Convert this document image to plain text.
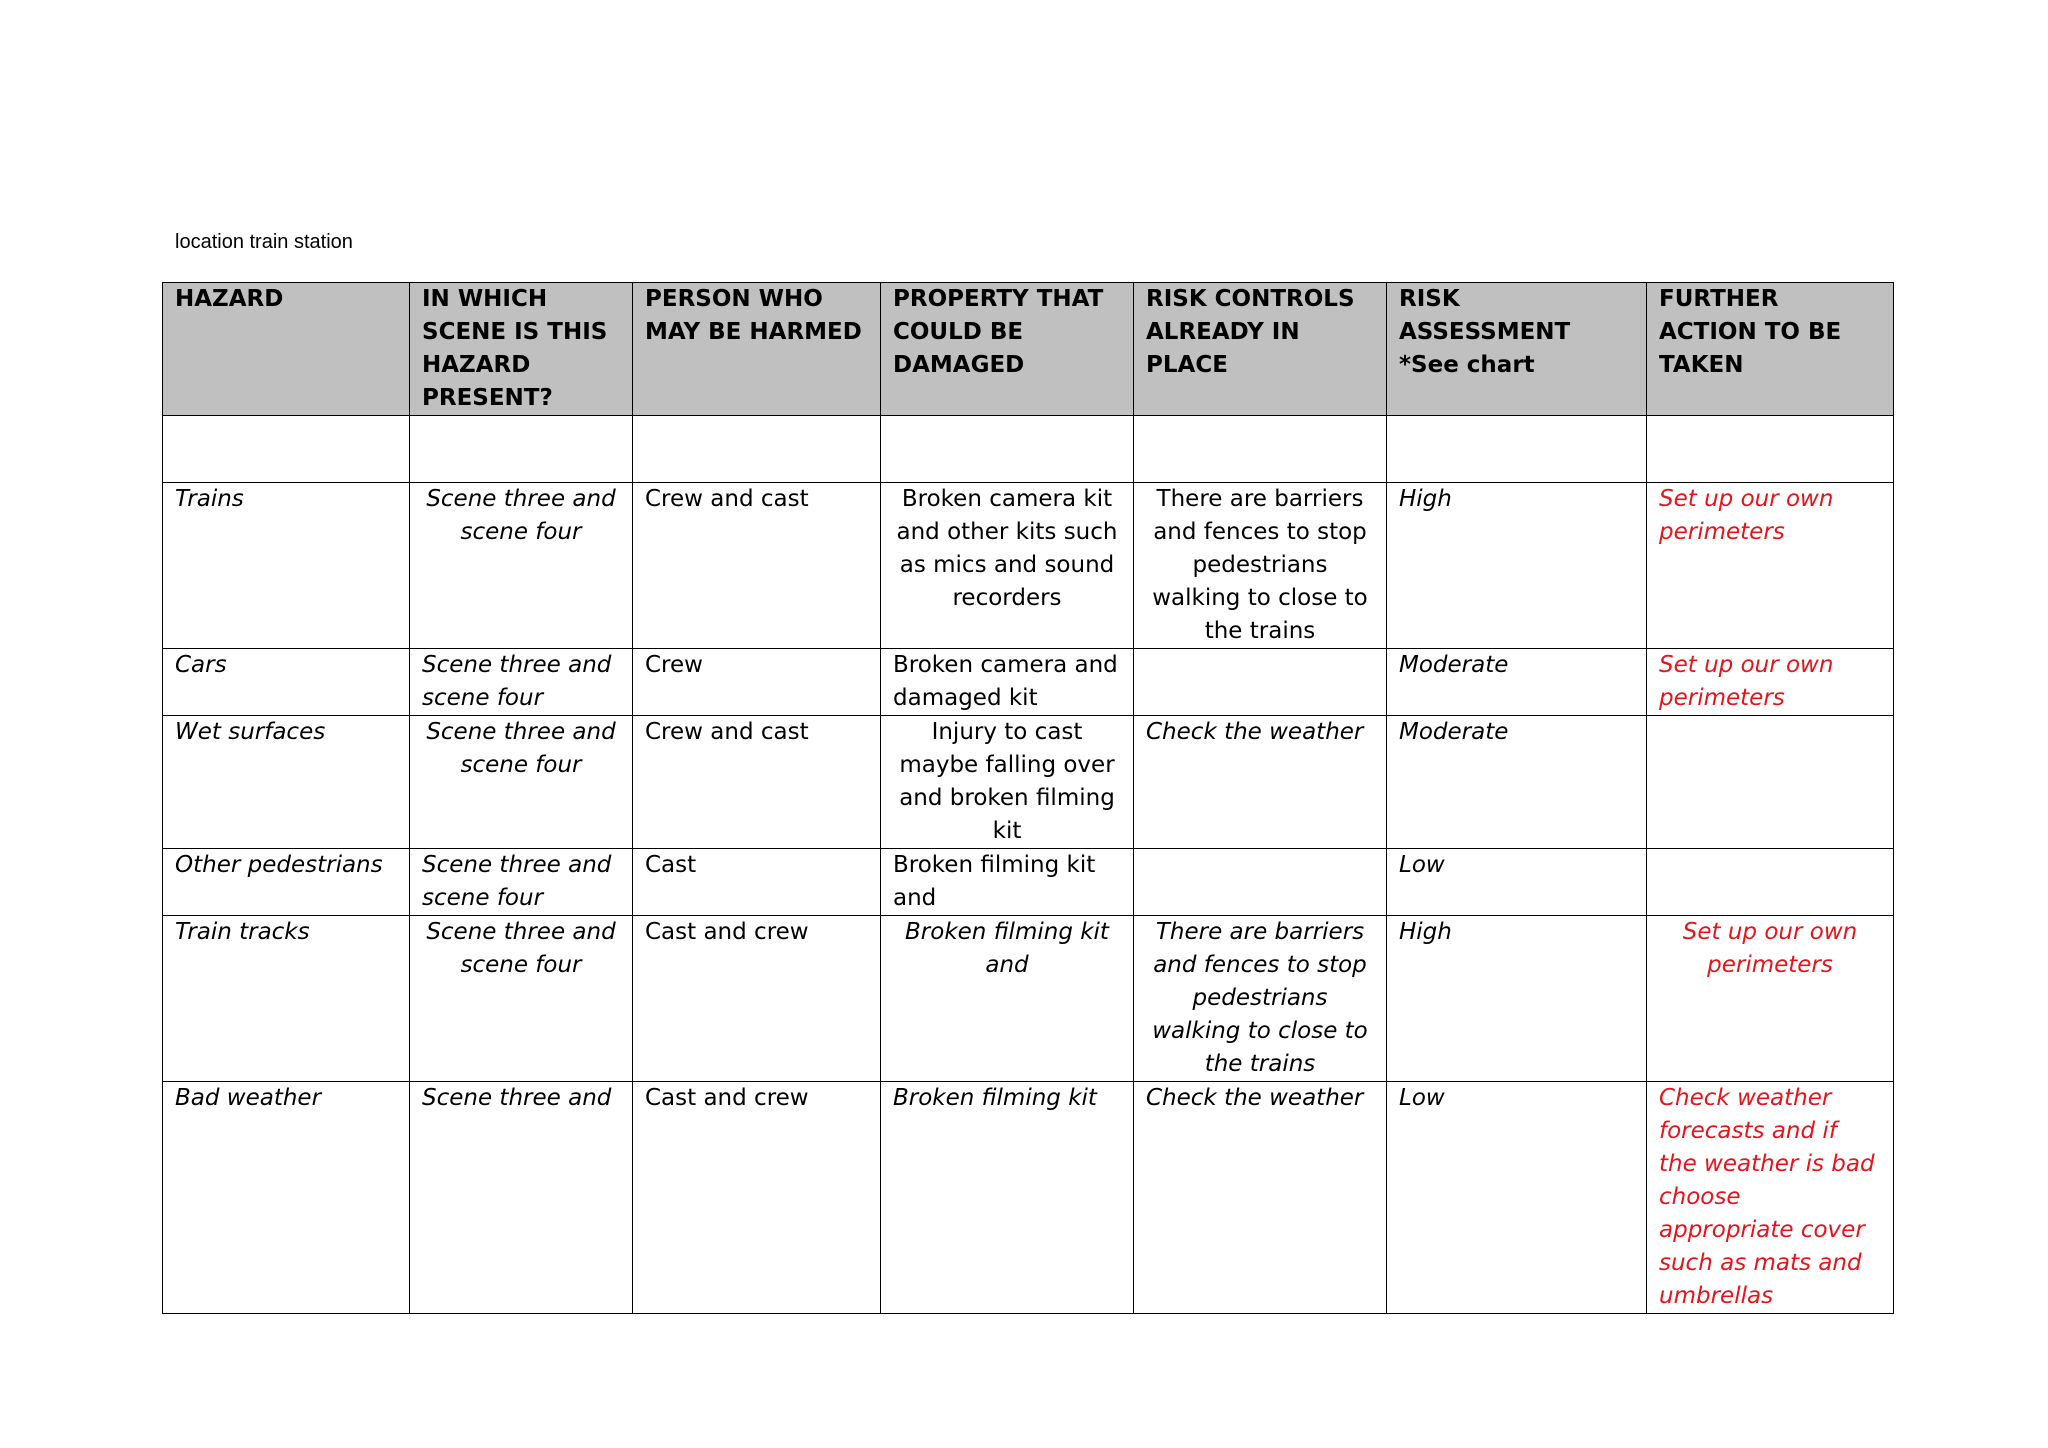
location train station
HAZARD	IN WHICH SCENE IS THIS HAZARD PRESENT?	PERSON WHO MAY BE HARMED	PROPERTY THAT COULD BE DAMAGED	RISK CONTROLS ALREADY IN PLACE	RISK ASSESSMENT *See chart	FURTHER ACTION TO BE TAKEN

Trains	Scene three and scene four	Crew and cast	Broken camera kit and other kits such as mics and sound recorders	There are barriers and fences to stop pedestrians walking to close to the trains	High	Set up our own perimeters
Cars	Scene three and scene four	Crew	Broken camera and damaged kit		Moderate	Set up our own perimeters
Wet surfaces	Scene three and scene four	Crew and cast	Injury to cast maybe falling over and broken filming kit	Check the weather	Moderate	
Other pedestrians	Scene three and scene four	Cast	Broken filming kit and		Low	
Train tracks	Scene three and scene four	Cast and crew	Broken filming kit and	There are barriers and fences to stop pedestrians walking to close to the trains	High	Set up our own perimeters
Bad weather	Scene three and	Cast and crew	Broken filming kit	Check the weather	Low	Check weather forecasts and if the weather is bad choose appropriate cover such as mats and umbrellas
